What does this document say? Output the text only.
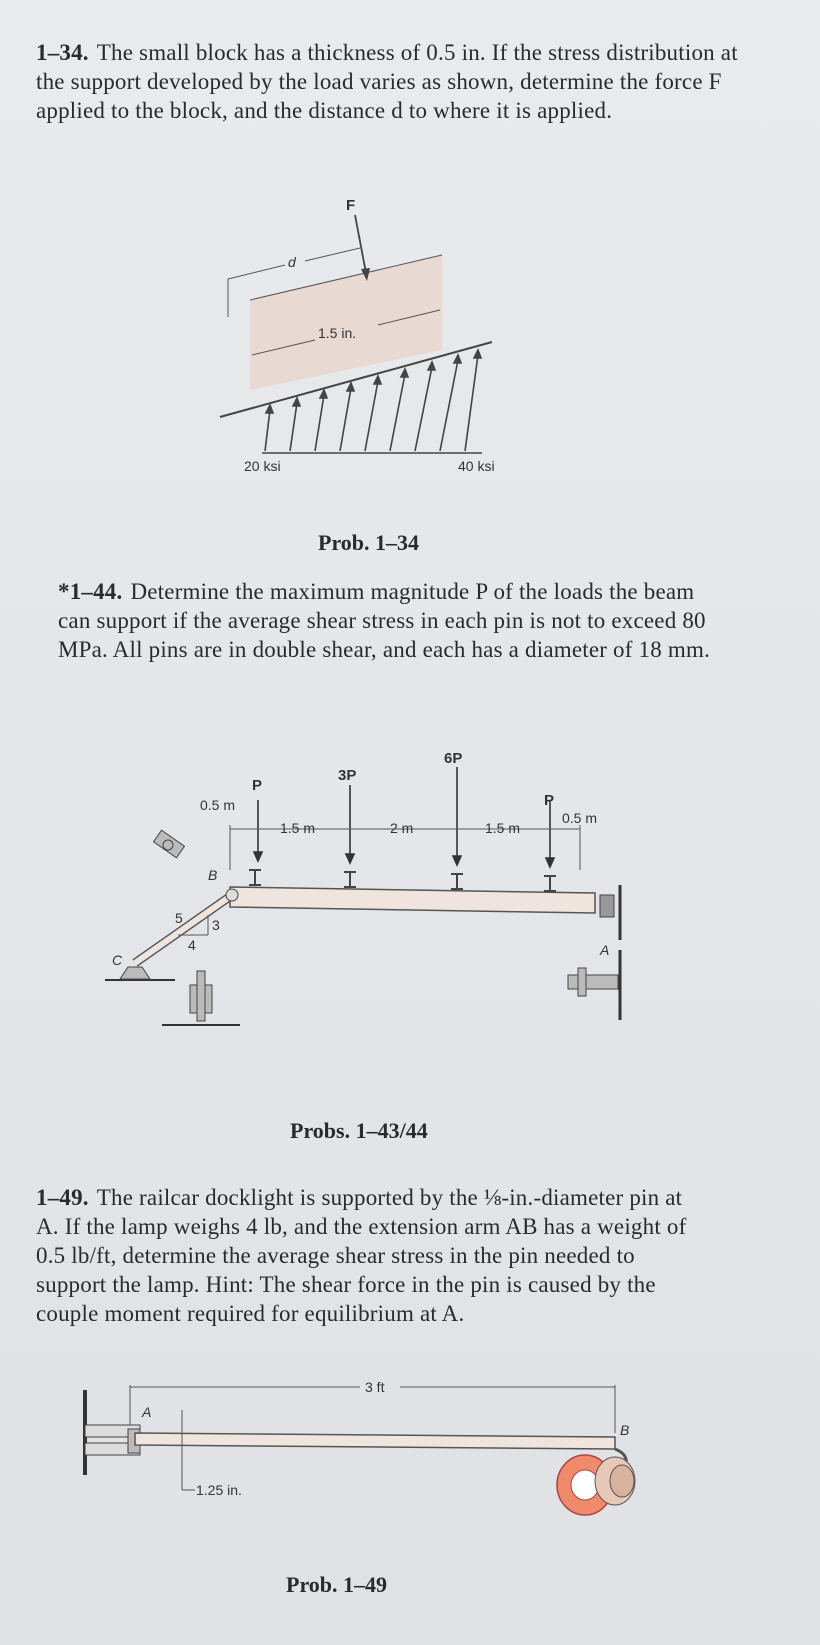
1–34. The small block has a thickness of 0.5 in. If the stress distribution at the support developed by the load varies as shown, determine the force F applied to the block, and the distance d to where it is applied.
1.5 in.
d
F
20 ksi	40 ksi
Prob. 1–34
*1–44. Determine the maximum magnitude P of the loads the beam can support if the average shear stress in each pin is not to exceed 80 MPa. All pins are in double shear, and each has a diameter of 18 mm.
A
B
C
5 3
4
P
3P
6P
P
0.5 m
1.5 m	2 m	1.5 m
0.5 m
Probs. 1–43/44
1–49. The railcar docklight is supported by the ⅛-in.-diameter pin at A. If the lamp weighs 4 lb, and the extension arm AB has a weight of 0.5 lb/ft, determine the average shear stress in the pin needed to support the lamp. Hint: The shear force in the pin is caused by the couple moment required for equilibrium at A.
A
B
3 ft
1.25 in.
Prob. 1–49
